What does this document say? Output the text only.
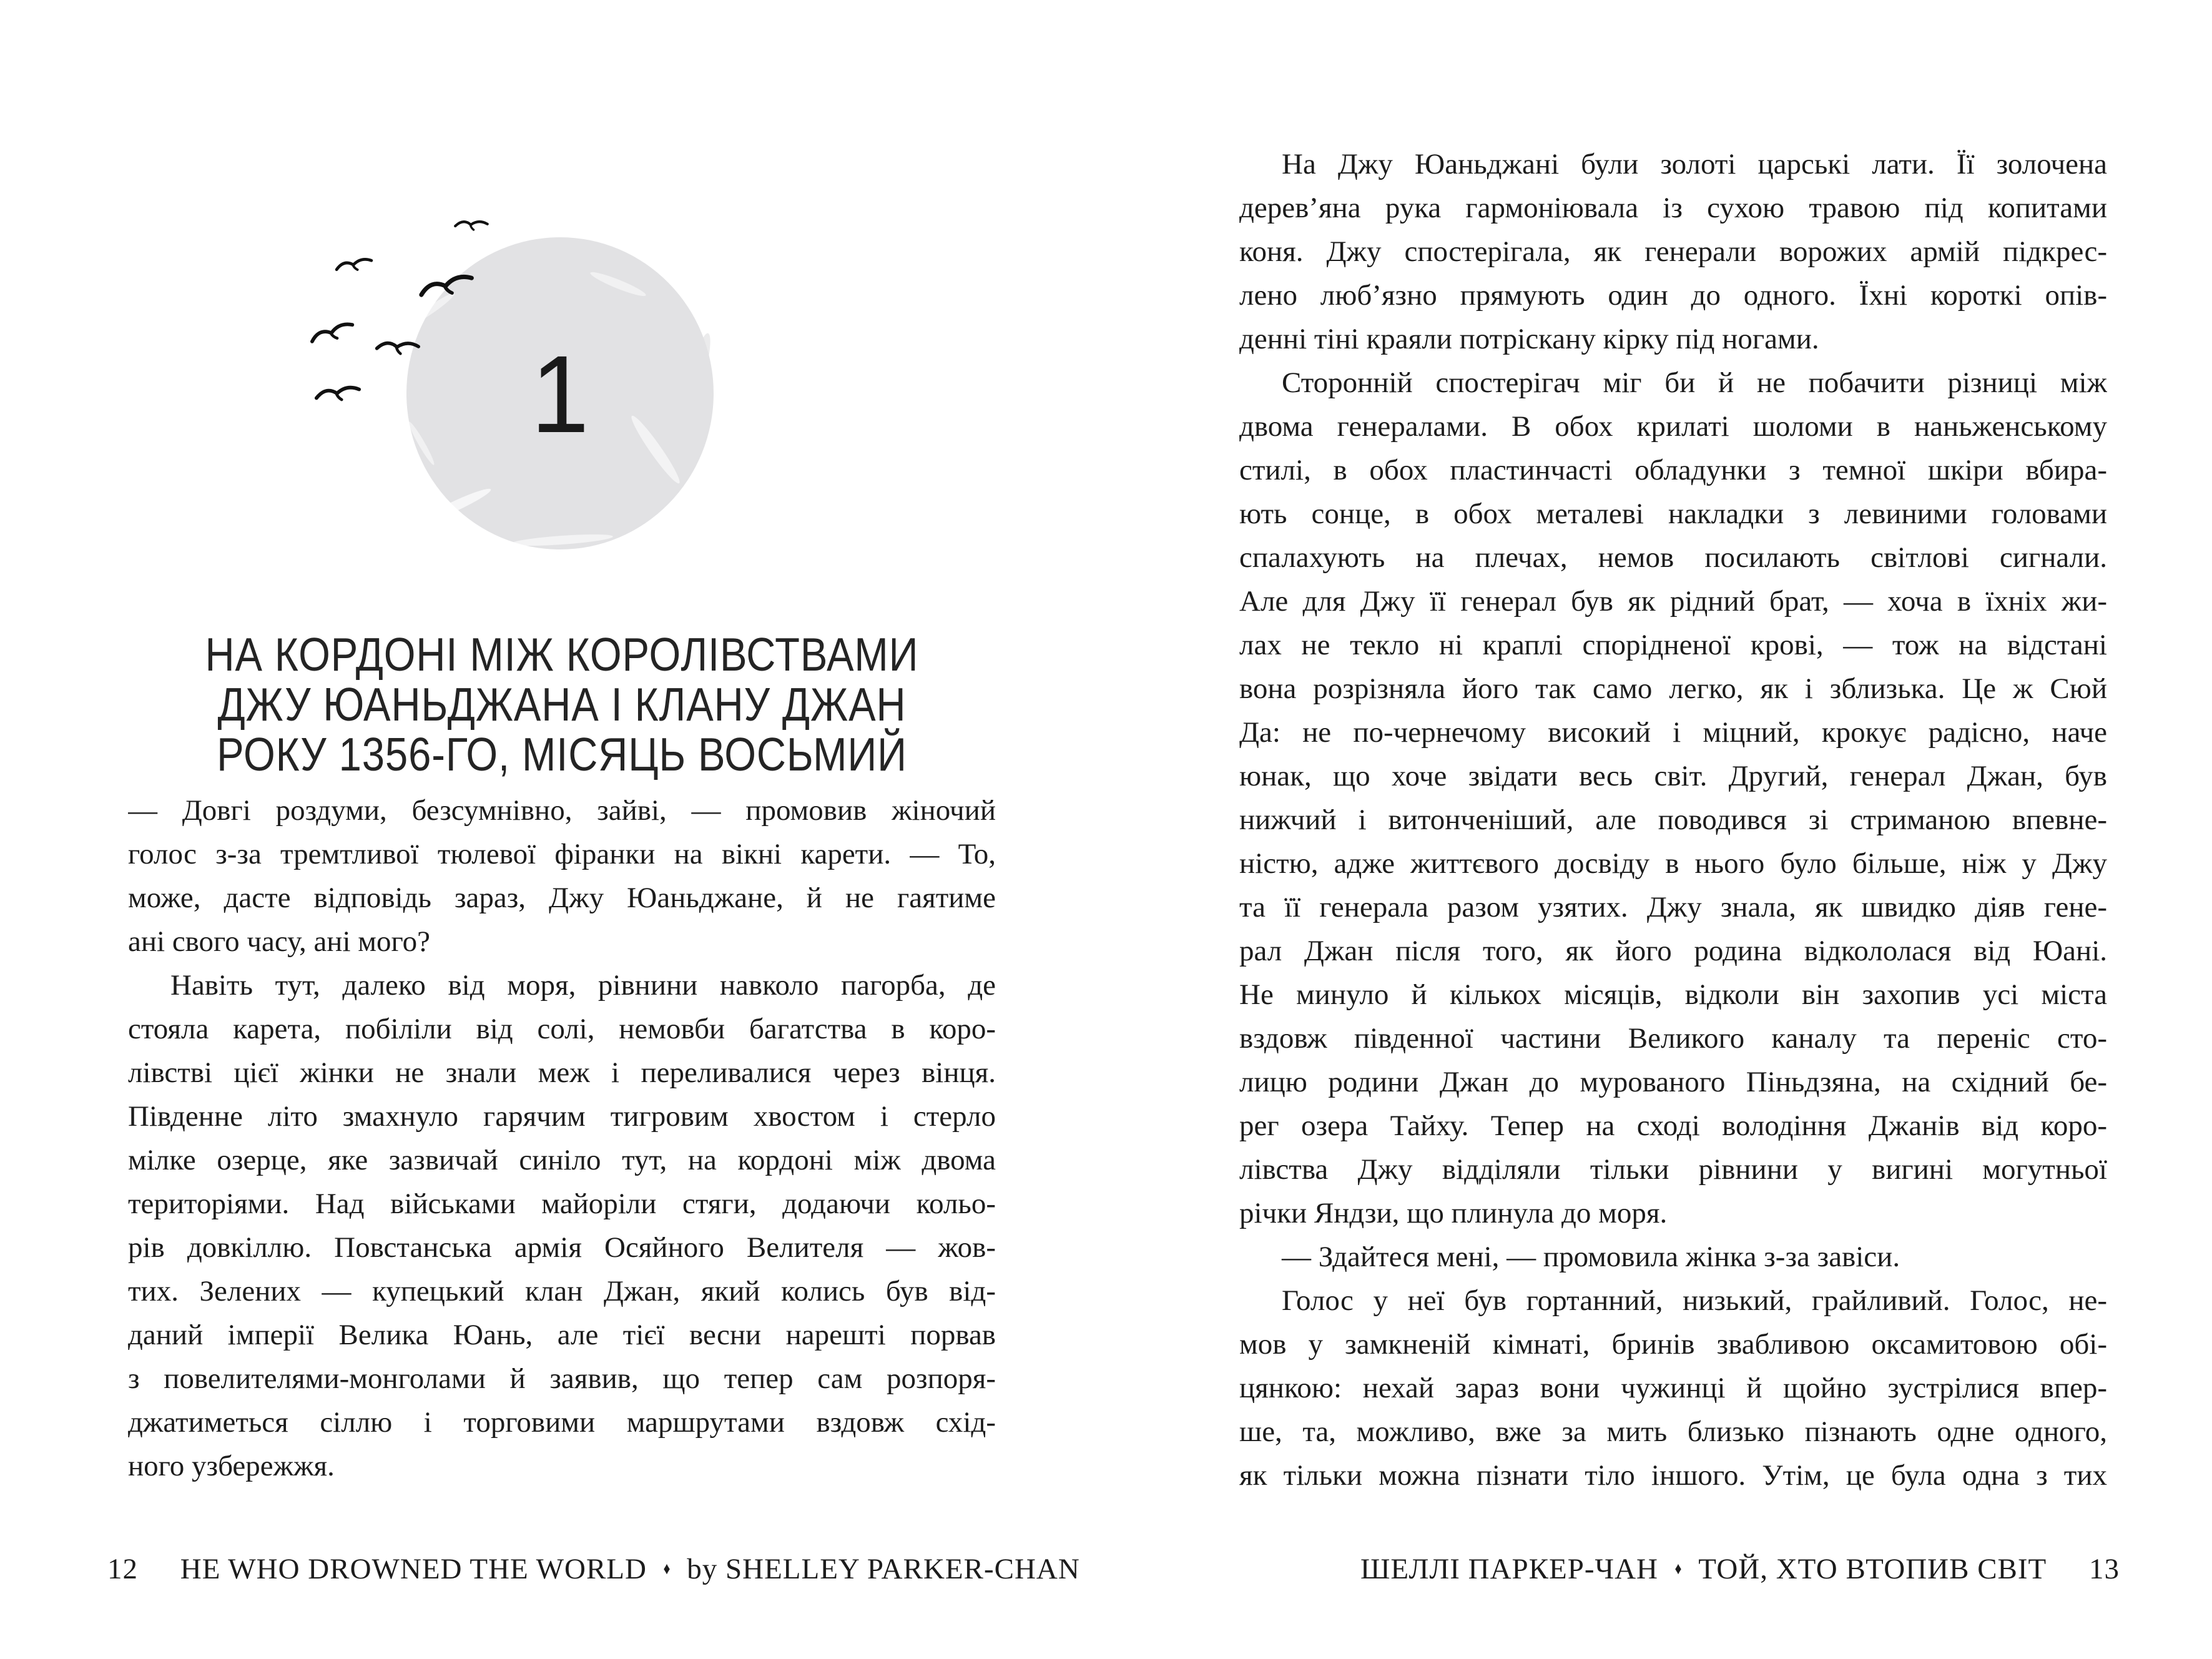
1
НА КОРДОНІ МІЖ КОРОЛІВСТВАМИ
ДЖУ ЮАНЬДЖАНА І КЛАНУ ДЖАН
РОКУ 1356-ГО, МІСЯЦЬ ВОСЬМИЙ
— Довгі роздуми, безсумнівно, зайві, — промовив жіночий
голос з-за тремтливої тюлевої фіранки на вікні карети. — То,
може, дасте відповідь зараз, Джу Юаньджане, й не гаятиме
ані свого часу, ані мого?
Навіть тут, далеко від моря, рівнини навколо пагорба, де
стояла карета, побіліли від солі, немовби багатства в коро-
лівстві цієї жінки не знали меж і переливалися через вінця.
Південне літо змахнуло гарячим тигровим хвостом і стерло
мілке озерце, яке зазвичай синіло тут, на кордоні між двома
територіями. Над військами майоріли стяги, додаючи кольо-
рів довкіллю. Повстанська армія Осяйного Велителя — жов-
тих. Зелених — купецький клан Джан, який колись був від-
даний імперії Велика Юань, але тієї весни нарешті порвав
з повелителями-монголами й заявив, що тепер сам розпоря-
джатиметься сіллю і торговими маршрутами вздовж схід-
ного узбережжя.
На Джу Юаньджані були золоті царські лати. Її золочена
дерев’яна рука гармоніювала із сухою травою під копитами
коня. Джу спостерігала, як генерали ворожих армій підкрес-
лено люб’язно прямують один до одного. Їхні короткі опів-
денні тіні краяли потріскану кірку під ногами.
Сторонній спостерігач міг би й не побачити різниці між
двома генералами. В обох крилаті шоломи в наньженському
стилі, в обох пластинчасті обладунки з темної шкіри вбира-
ють сонце, в обох металеві накладки з левиними головами
спалахують на плечах, немов посилають світлові сигнали.
Але для Джу її генерал був як рідний брат, — хоча в їхніх жи-
лах не текло ні краплі спорідненої крові, — тож на відстані
вона розрізняла його так само легко, як і зблизька. Це ж Сюй
Да: не по-чернечому високий і міцний, крокує радісно, наче
юнак, що хоче звідати весь світ. Другий, генерал Джан, був
нижчий і витонченіший, але поводився зі стриманою впевне-
ністю, адже життєвого досвіду в нього було більше, ніж у Джу
та її генерала разом узятих. Джу знала, як швидко діяв гене-
рал Джан після того, як його родина відкололася від Юані.
Не минуло й кількох місяців, відколи він захопив усі міста
вздовж південної частини Великого каналу та переніс сто-
лицю родини Джан до мурованого Піньдзяна, на східний бе-
рег озера Тайху. Тепер на сході володіння Джанів від коро-
лівства Джу відділяли тільки рівнини у вигині могутньої
річки Яндзи, що плинула до моря.
— Здайтеся мені, — промовила жінка з-за завіси.
Голос у неї був гортанний, низький, грайливий. Голос, не-
мов у замкненій кімнаті, бринів звабливою оксамитовою обі-
цянкою: нехай зараз вони чужинці й щойно зустрілися впер-
ше, та, можливо, вже за мить близько пізнають одне одного,
як тільки можна пізнати тіло іншого. Утім, це була одна з тих
12 HE WHO DROWNED THE WORLD ♦ by SHELLEY PARKER-CHAN	ШЕЛЛІ ПАРКЕР-ЧАН ♦ ТОЙ, ХТО ВТОПИВ СВІТ 13
